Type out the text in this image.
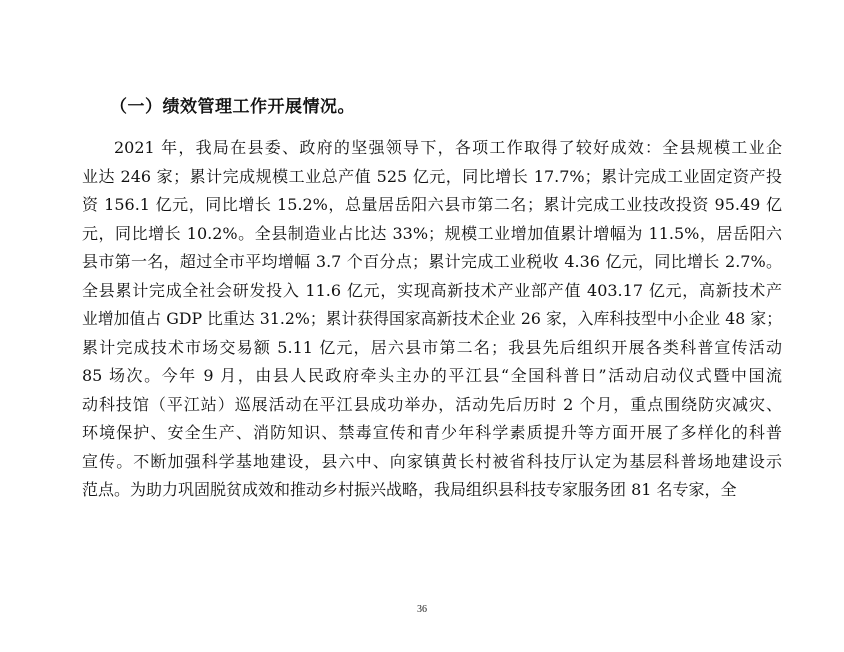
（一）绩效管理工作开展情况。
2021 年，我局在县委、政府的坚强领导下，各项工作取得了较好成效：全县规模工业企
业达 246 家；累计完成规模工业总产值 525 亿元，同比增长 17.7%；累计完成工业固定资产投
资 156.1 亿元，同比增长 15.2%，总量居岳阳六县市第二名；累计完成工业技改投资 95.49 亿
元，同比增长 10.2%。全县制造业占比达 33%；规模工业增加值累计增幅为 11.5%，居岳阳六
县市第一名，超过全市平均增幅 3.7 个百分点；累计完成工业税收 4.36 亿元，同比增长 2.7%。
全县累计完成全社会研发投入 11.6 亿元，实现高新技术产业部产值 403.17 亿元，高新技术产
业增加值占 GDP 比重达 31.2%；累计获得国家高新技术企业 26 家，入库科技型中小企业 48 家；
累计完成技术市场交易额 5.11 亿元，居六县市第二名；我县先后组织开展各类科普宣传活动
85 场次。今年 9 月，由县人民政府牵头主办的平江县“全国科普日”活动启动仪式暨中国流
动科技馆（平江站）巡展活动在平江县成功举办，活动先后历时 2 个月，重点围绕防灾减灾、
环境保护、安全生产、消防知识、禁毒宣传和青少年科学素质提升等方面开展了多样化的科普
宣传。不断加强科学基地建设，县六中、向家镇黄长村被省科技厅认定为基层科普场地建设示
范点。为助力巩固脱贫成效和推动乡村振兴战略，我局组织县科技专家服务团 81 名专家，全
36
